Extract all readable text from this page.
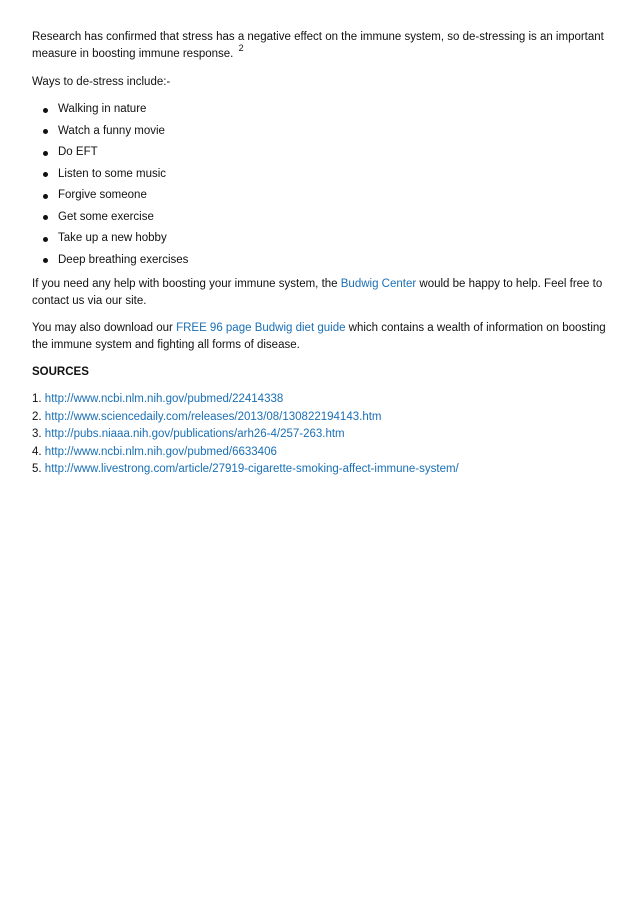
Research has confirmed that stress has a negative effect on the immune system, so de-stressing is an important measure in boosting immune response. $^2$

Ways to de-stress include:-

Walking in nature
Watch a funny movie
Do EFT
Listen to some music
Forgive someone
Get some exercise
Take up a new hobby
Deep breathing exercises

If you need any help with boosting your immune system, the Budwig Center would be happy to help. Feel free to contact us via our site.

You may also download our FREE 96 page Budwig diet guide which contains a wealth of information on boosting the immune system and fighting all forms of disease.

SOURCES

1. http://www.ncbi.nlm.nih.gov/pubmed/22414338
2. http://www.sciencedaily.com/releases/2013/08/130822194143.htm
3. http://pubs.niaaa.nih.gov/publications/arh26-4/257-263.htm
4. http://www.ncbi.nlm.nih.gov/pubmed/6633406
5. http://www.livestrong.com/article/27919-cigarette-smoking-affect-immune-system/
